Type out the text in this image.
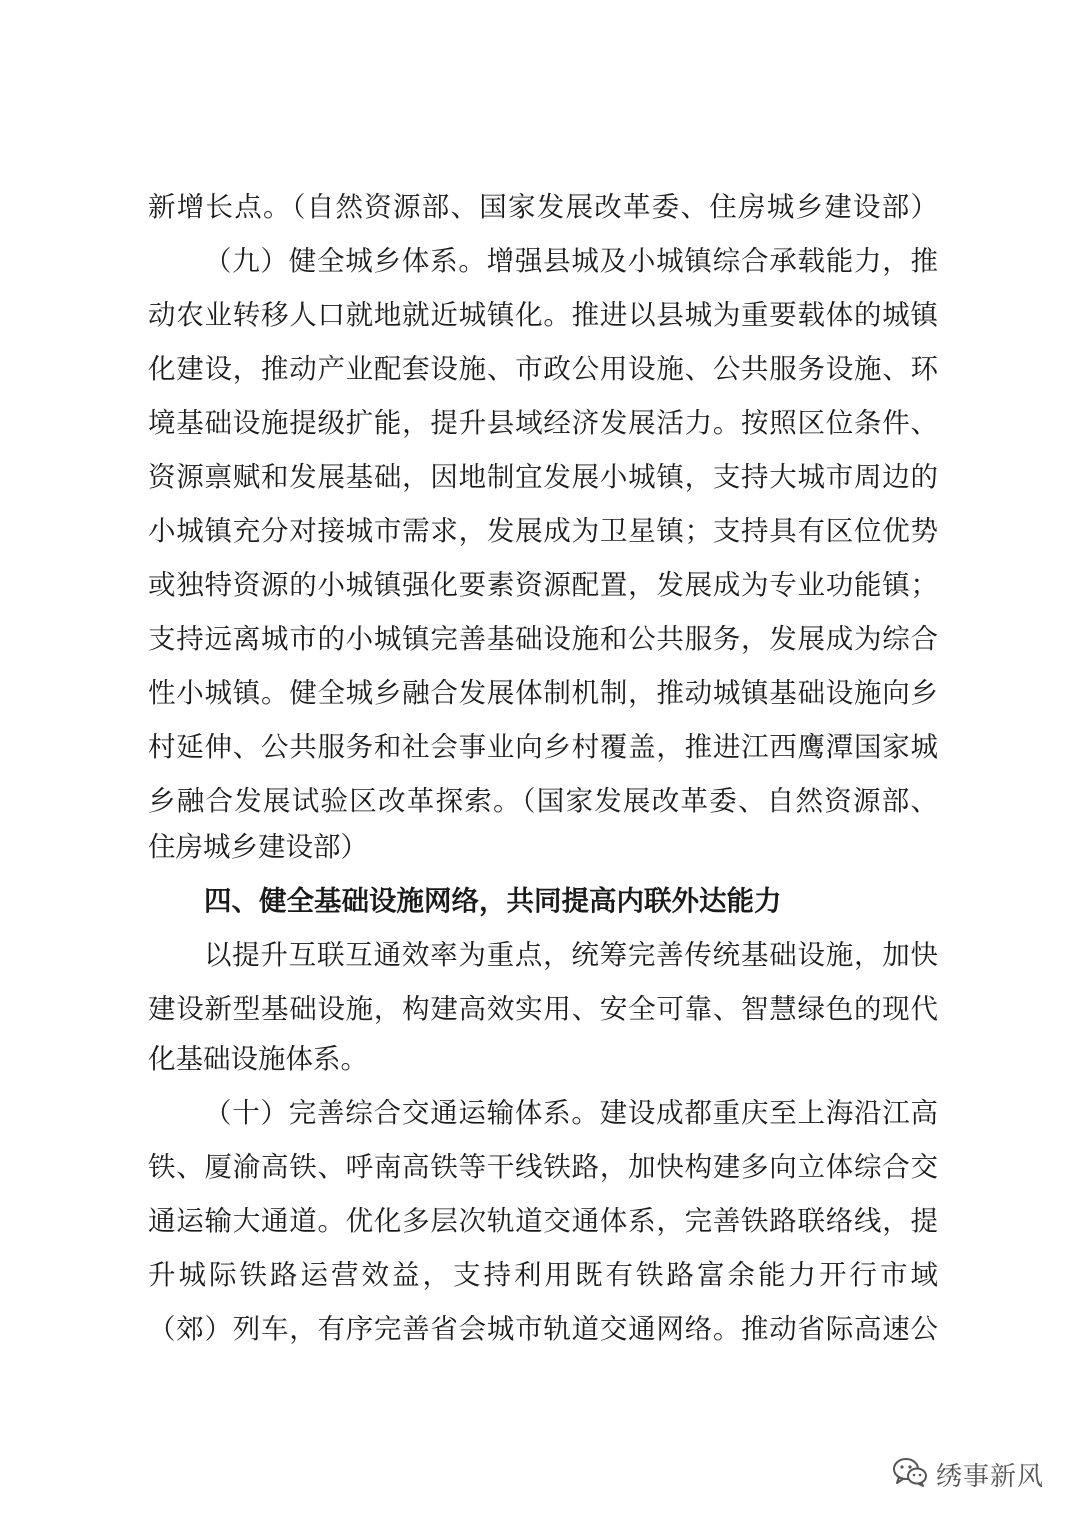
新增长点。（自然资源部、国家发展改革委、住房城乡建设部）
（九）健全城乡体系。增强县城及小城镇综合承载能力，推
动农业转移人口就地就近城镇化。推进以县城为重要载体的城镇
化建设，推动产业配套设施、市政公用设施、公共服务设施、环
境基础设施提级扩能，提升县域经济发展活力。按照区位条件、
资源禀赋和发展基础，因地制宜发展小城镇，支持大城市周边的
小城镇充分对接城市需求，发展成为卫星镇；支持具有区位优势
或独特资源的小城镇强化要素资源配置，发展成为专业功能镇；
支持远离城市的小城镇完善基础设施和公共服务，发展成为综合
性小城镇。健全城乡融合发展体制机制，推动城镇基础设施向乡
村延伸、公共服务和社会事业向乡村覆盖，推进江西鹰潭国家城
乡融合发展试验区改革探索。（国家发展改革委、自然资源部、
住房城乡建设部）
四、健全基础设施网络，共同提高内联外达能力
以提升互联互通效率为重点，统筹完善传统基础设施，加快
建设新型基础设施，构建高效实用、安全可靠、智慧绿色的现代
化基础设施体系。
（十）完善综合交通运输体系。建设成都重庆至上海沿江高
铁、厦渝高铁、呼南高铁等干线铁路，加快构建多向立体综合交
通运输大通道。优化多层次轨道交通体系，完善铁路联络线，提
升城际铁路运营效益，支持利用既有铁路富余能力开行市域
（郊）列车，有序完善省会城市轨道交通网络。推动省际高速公
绣事新风
